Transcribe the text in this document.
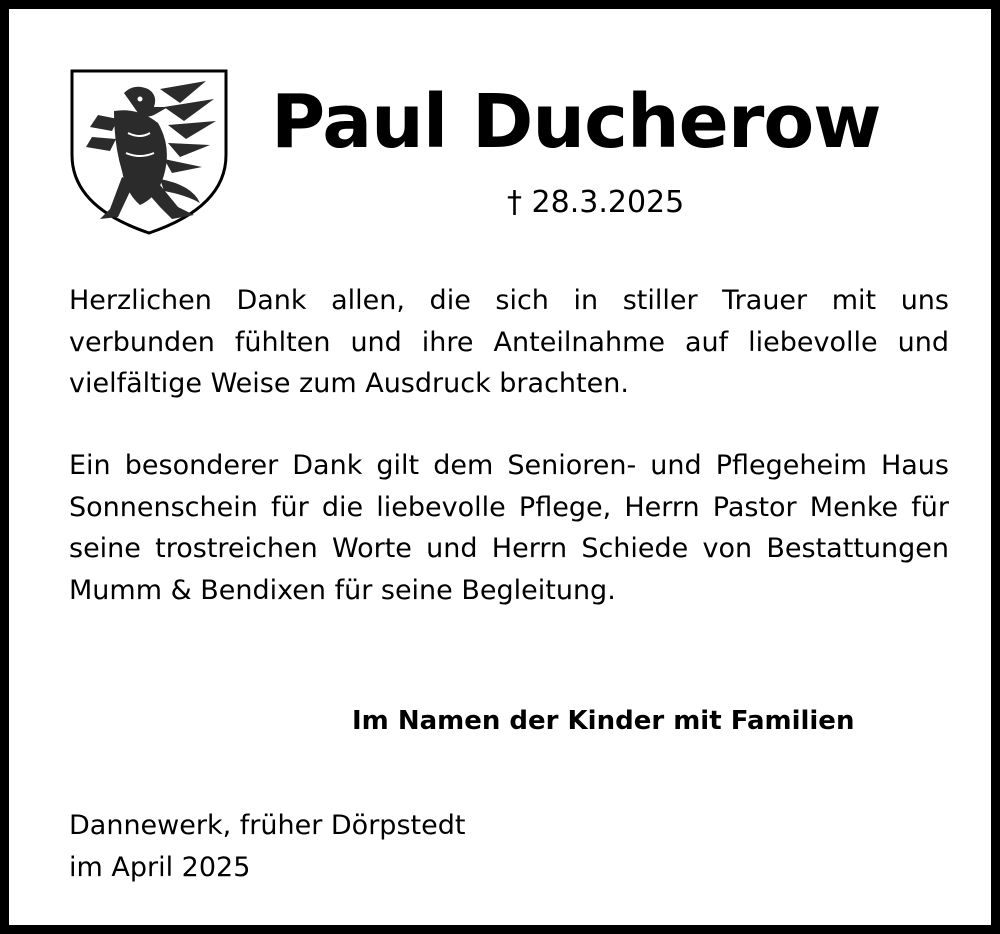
Paul Ducherow
† 28.3.2025

Herzlichen Dank allen, die sich in stiller Trauer mit uns verbunden fühlten und ihre Anteilnahme auf liebevolle und vielfältige Weise zum Ausdruck brachten.

Ein besonderer Dank gilt dem Senioren- und Pflegeheim Haus Sonnenschein für die liebevolle Pflege, Herrn Pastor Menke für seine trostreichen Worte und Herrn Schiede von Bestattungen Mumm & Bendixen für seine Begleitung.

Im Namen der Kinder mit Familien
Dannewerk, früher Dörpstedt
im April 2025
